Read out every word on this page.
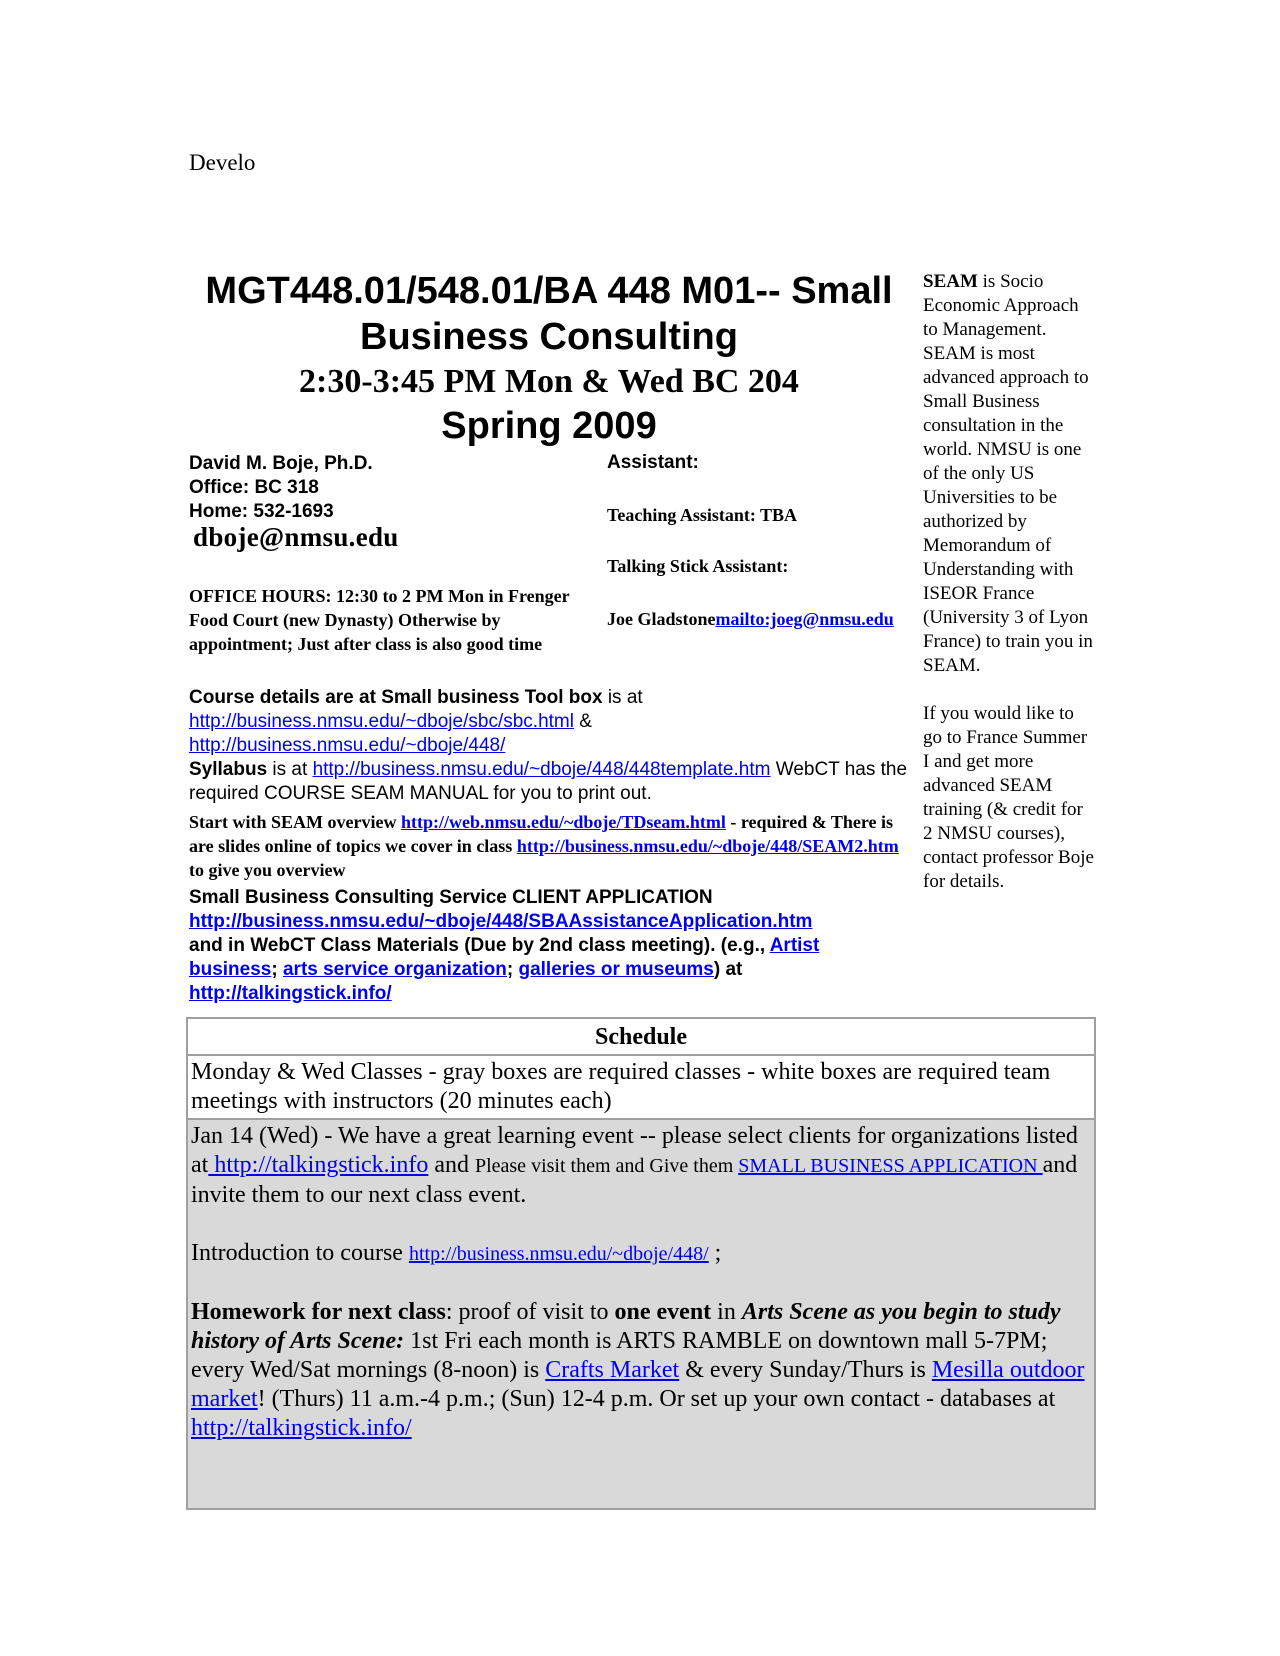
Develo

MGT448.01/548.01/BA 448 M01-- Small Business Consulting

2:30-3:45 PM Mon & Wed BC 204

Spring 2009

David M. Boje, Ph.D.
Office: BC 318
Home: 532-1693
dboje@nmsu.edu
OFFICE HOURS: 12:30 to 2 PM Mon in Frenger Food Court (new Dynasty) Otherwise by appointment; Just after class is also good time
Assistant:
Teaching Assistant: TBA
Talking Stick Assistant:
Joe Gladstonemailto:joeg@nmsu.edu
Course details are at Small business Tool box is at
http://business.nmsu.edu/~dboje/sbc/sbc.html &
http://business.nmsu.edu/~dboje/448/
Syllabus is at http://business.nmsu.edu/~dboje/448/448template.htm WebCT has the required COURSE SEAM MANUAL for you to print out.
Start with SEAM overview http://web.nmsu.edu/~dboje/TDseam.html - required & There is are slides online of topics we cover in class http://business.nmsu.edu/~dboje/448/SEAM2.htm to give you overview
Small Business Consulting Service CLIENT APPLICATION
http://business.nmsu.edu/~dboje/448/SBAAssistanceApplication.htm
and in WebCT Class Materials (Due by 2nd class meeting). (e.g., Artist business; arts service organization; galleries or museums) at
http://talkingstick.info/

SEAM is Socio Economic Approach to Management. SEAM is most advanced approach to Small Business consultation in the world. NMSU is one of the only US Universities to be authorized by Memorandum of Understanding with ISEOR France (University 3 of Lyon France) to train you in SEAM.

If you would like to go to France Summer I and get more advanced SEAM training (& credit for 2 NMSU courses), contact professor Boje for details.

Schedule
Monday & Wed Classes - gray boxes are required classes - white boxes are required team meetings with instructors (20 minutes each)

Jan 14 (Wed) - We have a great learning event -- please select clients for organizations listed at http://talkingstick.info and Please visit them and Give them SMALL BUSINESS APPLICATION and invite them to our next class event.

Introduction to course http://business.nmsu.edu/~dboje/448/ ;

Homework for next class: proof of visit to one event in Arts Scene as you begin to study history of Arts Scene: 1st Fri each month is ARTS RAMBLE on downtown mall 5-7PM; every Wed/Sat mornings (8-noon) is Crafts Market & every Sunday/Thurs is Mesilla outdoor market! (Thurs) 11 a.m.-4 p.m.; (Sun) 12-4 p.m. Or set up your own contact - databases at http://talkingstick.info/
